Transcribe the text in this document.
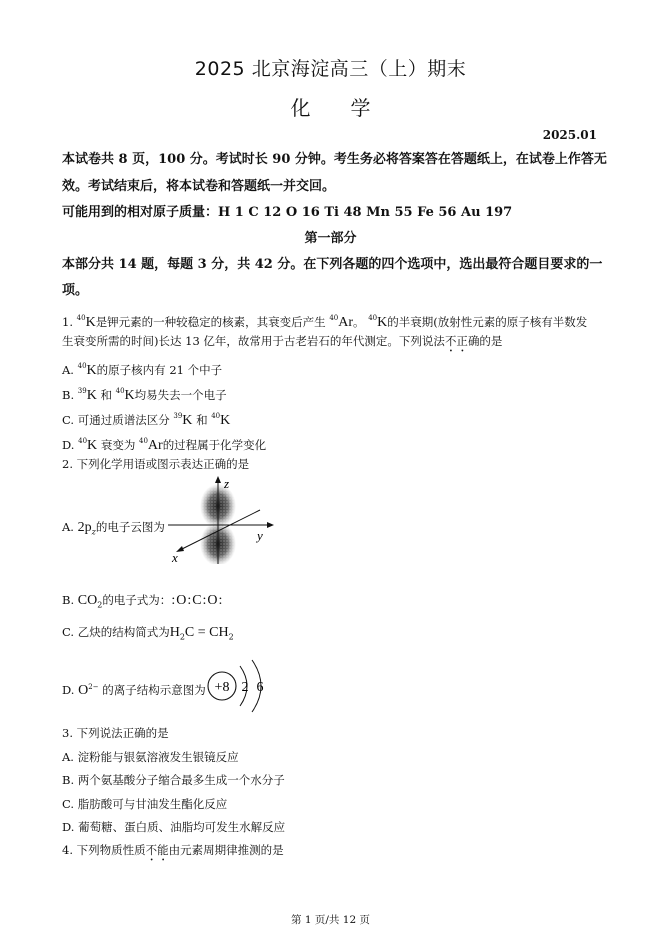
2025 北京海淀高三（上）期末
化　　学
2025.01
本试卷共 8 页，100 分。考试时长 90 分钟。考生务必将答案答在答题纸上，在试卷上作答无
效。考试结束后，将本试卷和答题纸一并交回。
可能用到的相对原子质量：H 1 C 12 O 16 Ti 48 Mn 55 Fe 56 Au 197
第一部分
本部分共 14 题，每题 3 分，共 42 分。在下列各题的四个选项中，选出最符合题目要求的一
项。
1. $^{40}$K是钾元素的一种较稳定的核素，其衰变后产生 $^{40}$Ar。 $^{40}$K的半衰期(放射性元素的原子核有半数发
生衰变所需的时间)长达 13 亿年，故常用于古老岩石的年代测定。下列说法不正确的是
A. $^{40}$K的原子核内有 21 个中子
B. $^{39}$K 和 $^{40}$K均易失去一个电子
C. 可通过质谱法区分 $^{39}$K 和 $^{40}$K
D. $^{40}$K 衰变为 $^{40}$Ar的过程属于化学变化
2. 下列化学用语或图示表达正确的是
A. $2p_z$的电子云图为
z
y
x
B. $CO_2$的电子式为：:O:C:O:
C. 乙炔的结构简式为$H_2C = CH_2$
D. $O^{2-}$ 的离子结构示意图为 +8 2 6
3. 下列说法正确的是
A. 淀粉能与银氨溶液发生银镜反应
B. 两个氨基酸分子缩合最多生成一个水分子
C. 脂肪酸可与甘油发生酯化反应
D. 葡萄糖、蛋白质、油脂均可发生水解反应
4. 下列物质性质不能由元素周期律推测的是
第 1 页/共 12 页
